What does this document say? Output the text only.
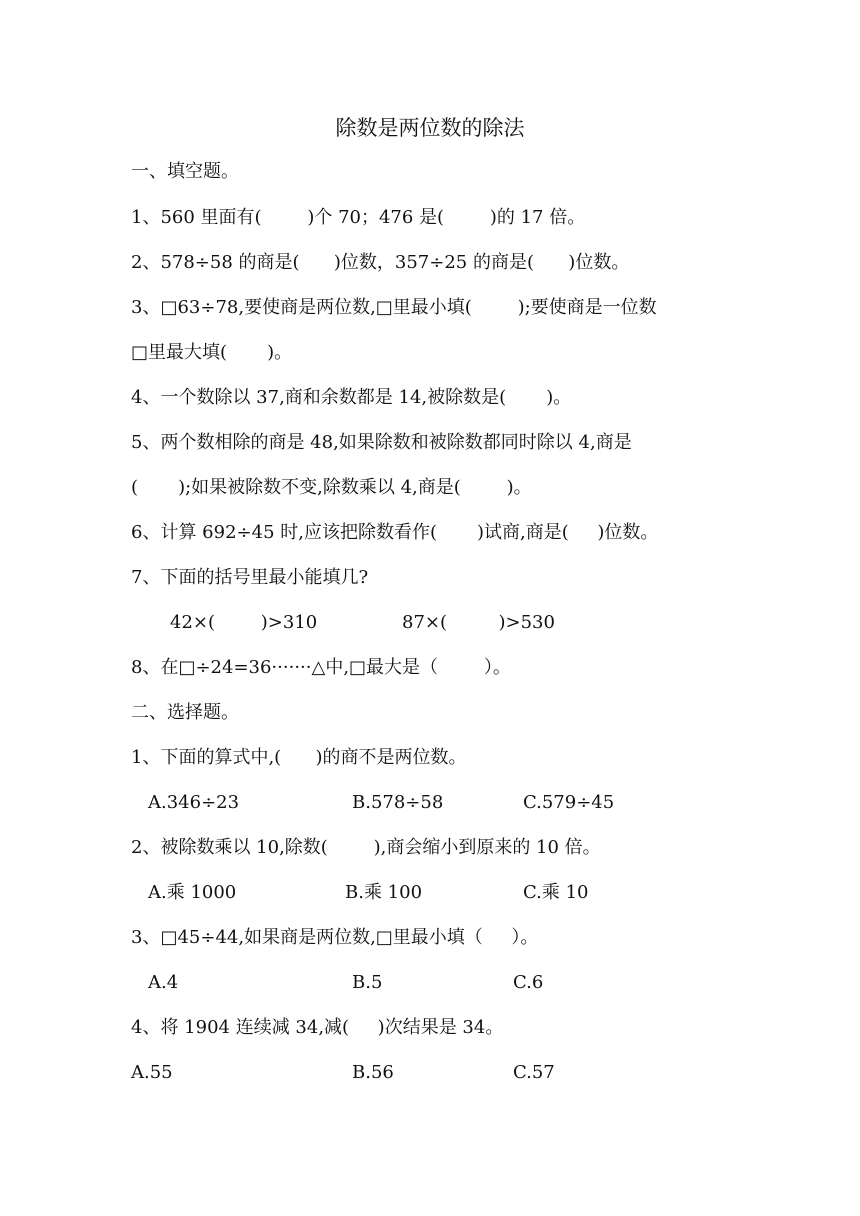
除数是两位数的除法

一、填空题。

1、560 里面有(        )个 70；476 是(        )的 17 倍。

2、578÷58 的商是(      )位数，357÷25 的商是(      )位数。

3、□63÷78,要使商是两位数,□里最小填(        );要使商是一位数

□里最大填(       )。

4、一个数除以 37,商和余数都是 14,被除数是(       )。

5、两个数相除的商是 48,如果除数和被除数都同时除以 4,商是

(       );如果被除数不变,除数乘以 4,商是(        )。

6、计算 692÷45 时,应该把除数看作(       )试商,商是(     )位数。

7、下面的括号里最小能填几?

42×(        )>310	87×(         )>530

8、在□÷24=36·······△中,□最大是（        ）。

二、选择题。

1、下面的算式中,(      )的商不是两位数。

A.346÷23	B.578÷58	C.579÷45

2、被除数乘以 10,除数(        ),商会缩小到原来的 10 倍。

A.乘 1000	B.乘 100	C.乘 10

3、□45÷44,如果商是两位数,□里最小填（     ）。

A.4	B.5	C.6

4、将 1904 连续减 34,减(     )次结果是 34。

A.55	B.56	C.57
